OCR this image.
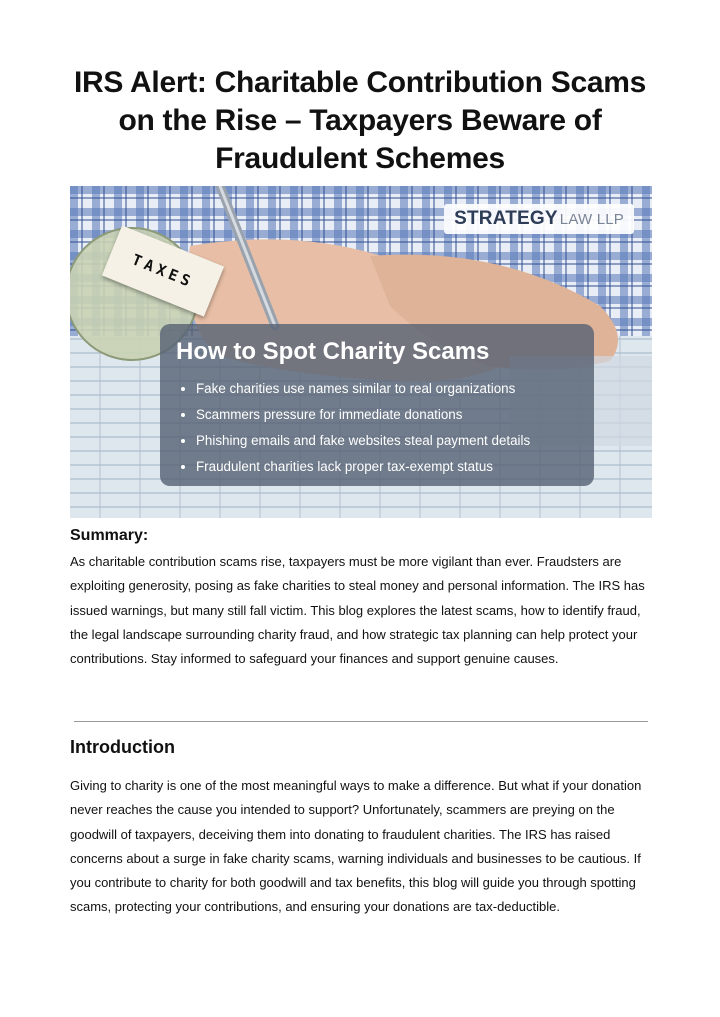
IRS Alert: Charitable Contribution Scams on the Rise – Taxpayers Beware of Fraudulent Schemes
STRATEGY LAW LLP
TAXES
How to Spot Charity Scams
• Fake charities use names similar to real organizations
• Scammers pressure for immediate donations
• Phishing emails and fake websites steal payment details
• Fraudulent charities lack proper tax-exempt status
Summary:

As charitable contribution scams rise, taxpayers must be more vigilant than ever. Fraudsters are exploiting generosity, posing as fake charities to steal money and personal information. The IRS has issued warnings, but many still fall victim. This blog explores the latest scams, how to identify fraud, the legal landscape surrounding charity fraud, and how strategic tax planning can help protect your contributions. Stay informed to safeguard your finances and support genuine causes.

Introduction

Giving to charity is one of the most meaningful ways to make a difference. But what if your donation never reaches the cause you intended to support? Unfortunately, scammers are preying on the goodwill of taxpayers, deceiving them into donating to fraudulent charities. The IRS has raised concerns about a surge in fake charity scams, warning individuals and businesses to be cautious. If you contribute to charity for both goodwill and tax benefits, this blog will guide you through spotting scams, protecting your contributions, and ensuring your donations are tax-deductible.
